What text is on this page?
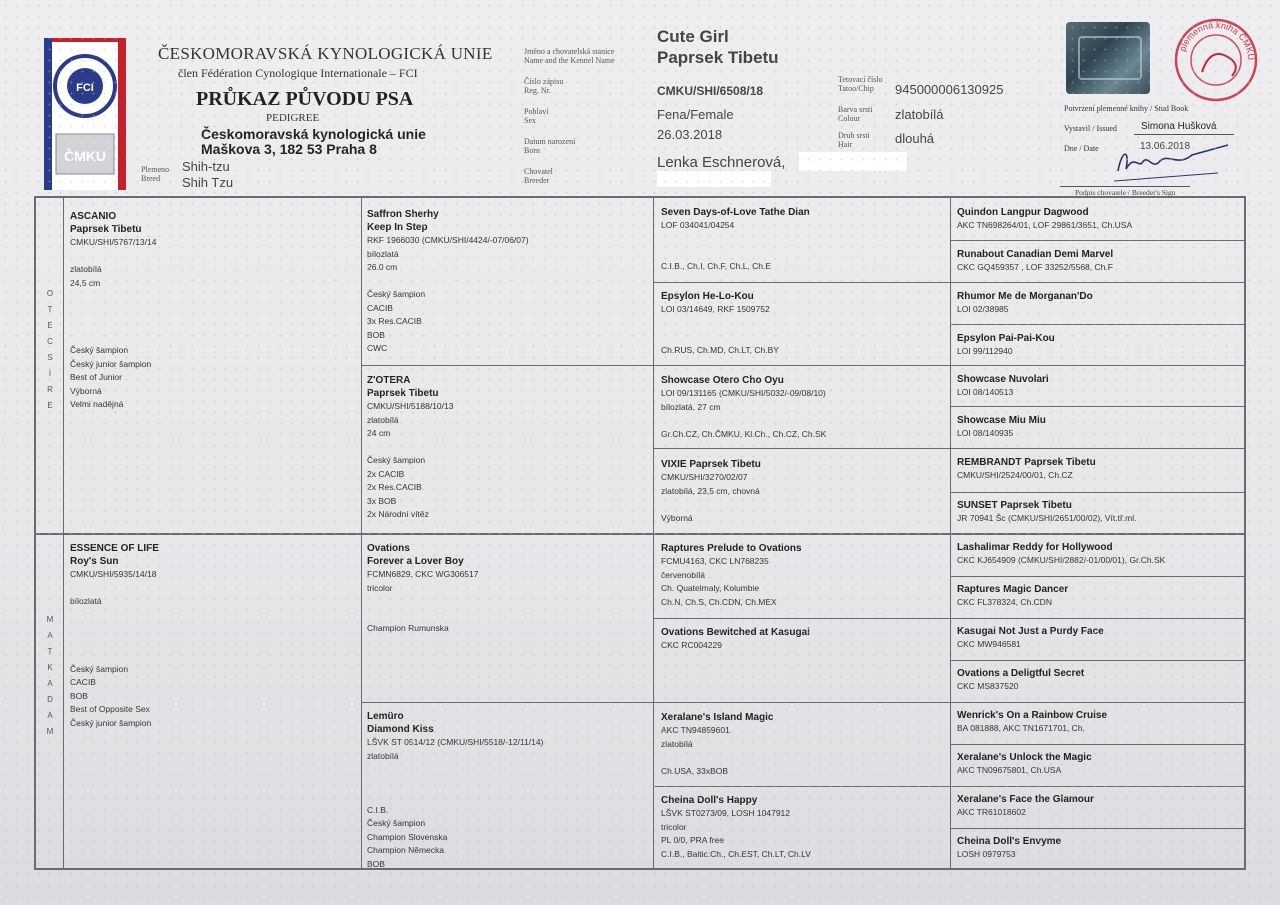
FCI
ČMKU
ČESKOMORAVSKÁ KYNOLOGICKÁ UNIE
člen Fédération Cynologique Internationale – FCI
PRŮKAZ PŮVODU PSA
PEDIGREE
Českomoravská kynologická unie
Maškova 3, 182 53 Praha 8
Plemeno
Breed
Shih-tzu
Shih Tzu
Jméno a chovatelská stanice
Name and the Kennel Name
Číslo zápisu
Reg. Nr.
Pohlaví
Sex
Datum narození
Born
Chovatel
Breeder
Cute Girl
Paprsek Tibetu
CMKU/SHI/6508/18
Fena/Female
26.03.2018
Lenka Eschnerová,
Tetovací číslo
Tatoo/Chip
Barva srsti
Colour
Druh srsti
Hair
945000006130925
zlatobílá
dlouhá
plemenná kniha ČMKU
Potvrzení plemenné knihy / Stud Book
Vystavil / Issued Simona Hušková
Dne / Date	13.06.2018
Podpis chovatele / Breeder's Sign
O
T
E
C
S
I
R
E
M
A
T
K
A
D
A
M
ASCANIO
Paprsek Tibetu
CMKU/SHI/5767/13/14

zlatobílá
24,5 cm

Český šampion
Český junior šampion
Best of Junior
Výborná
Velmi nadějná
ESSENCE OF LIFE
Roy's Sun
CMKU/SHI/5935/14/18

bílozlatá

Český šampion
CACIB
BOB
Best of Opposite Sex
Český junior šampion
Saffron Sherhy
Keep In Step
RKF 1966030 (CMKU/SHI/4424/-07/06/07)
bílozlatá
26.0 cm

Český šampion
CACIB
3x Res.CACIB
BOB
CWC
Z'OTERA
Paprsek Tibetu
CMKU/SHI/5188/10/13
zlatobílá
24 cm

Český šampion
2x CACIB
2x Res.CACIB
3x BOB
2x Národní vítěz
Ovations
Forever a Lover Boy
FCMN6829, CKC WG306517
tricolor

Champion Rumunska
Lemüro
Diamond Kiss
LŠVK ST 0514/12 (CMKU/SHI/5518/-12/11/14)
zlatobílá

C.I.B.
Český šampion
Champion Slovenska
Champion Německa
BOB
Seven Days-of-Love Tathe Dian
LOF 034041/04254

C.I.B., Ch.I, Ch.F, Ch.L, Ch.E
Epsylon He-Lo-Kou
LOI 03/14649, RKF 1509752

Ch.RUS, Ch.MD, Ch.LT, Ch.BY
Showcase Otero Cho Oyu
LOI 09/131165 (CMKU/SHI/5032/-09/08/10)
bílozlatá, 27 cm

Gr.Ch.CZ, Ch.ČMKU, Kl.Ch., Ch.CZ, Ch.SK
VIXIE Paprsek Tibetu
CMKU/SHI/3270/02/07
zlatobílá, 23,5 cm, chovná

Výborná
Raptures Prelude to Ovations
FCMU4163, CKC LN768235
červenobílá
Ch. Quatelmaly, Kolumbie
Ch.N, Ch.S, Ch.CDN, Ch.MEX
Ovations Bewitched at Kasugai
CKC RC004229
Xeralane's Island Magic
AKC TN94859601
zlatobílá

Ch.USA, 33xBOB
Cheina Doll's Happy
LŠVK ST0273/09, LOSH 1047912
tricolor
PL 0/0, PRA free
C.I.B., Baltic.Ch., Ch.EST, Ch.LT, Ch.LV
Quindon Langpur Dagwood
AKC TN698264/01, LOF 29861/3651, Ch.USA
Runabout Canadian Demi Marvel
CKC GQ459357 , LOF 33252/5568, Ch.F
Rhumor Me de Morganan'Do
LOI 02/38985
Epsylon Pai-Pai-Kou
LOI 99/112940
Showcase Nuvolari
LOI 08/140513
Showcase Miu Miu
LOI 08/140935
REMBRANDT Paprsek Tibetu
CMKU/SHI/2524/00/01, Ch.CZ
SUNSET Paprsek Tibetu
JR 70941 Šc (CMKU/SHI/2651/00/02), Vít.tř.ml.
Lashalimar Reddy for Hollywood
CKC KJ654909 (CMKU/SHI/2882/-01/00/01), Gr.Ch.SK
Raptures Magic Dancer
CKC FL378324, Ch.CDN
Kasugai Not Just a Purdy Face
CKC MW946581
Ovations a Deligtful Secret
CKC MS837520
Wenrick's On a Rainbow Cruise
BA 081888, AKC TN1671701, Ch.
Xeralane's Unlock the Magic
AKC TN09675801, Ch.USA
Xeralane's Face the Glamour
AKC TR61018602
Cheina Doll's Envyme
LOSH 0979753
